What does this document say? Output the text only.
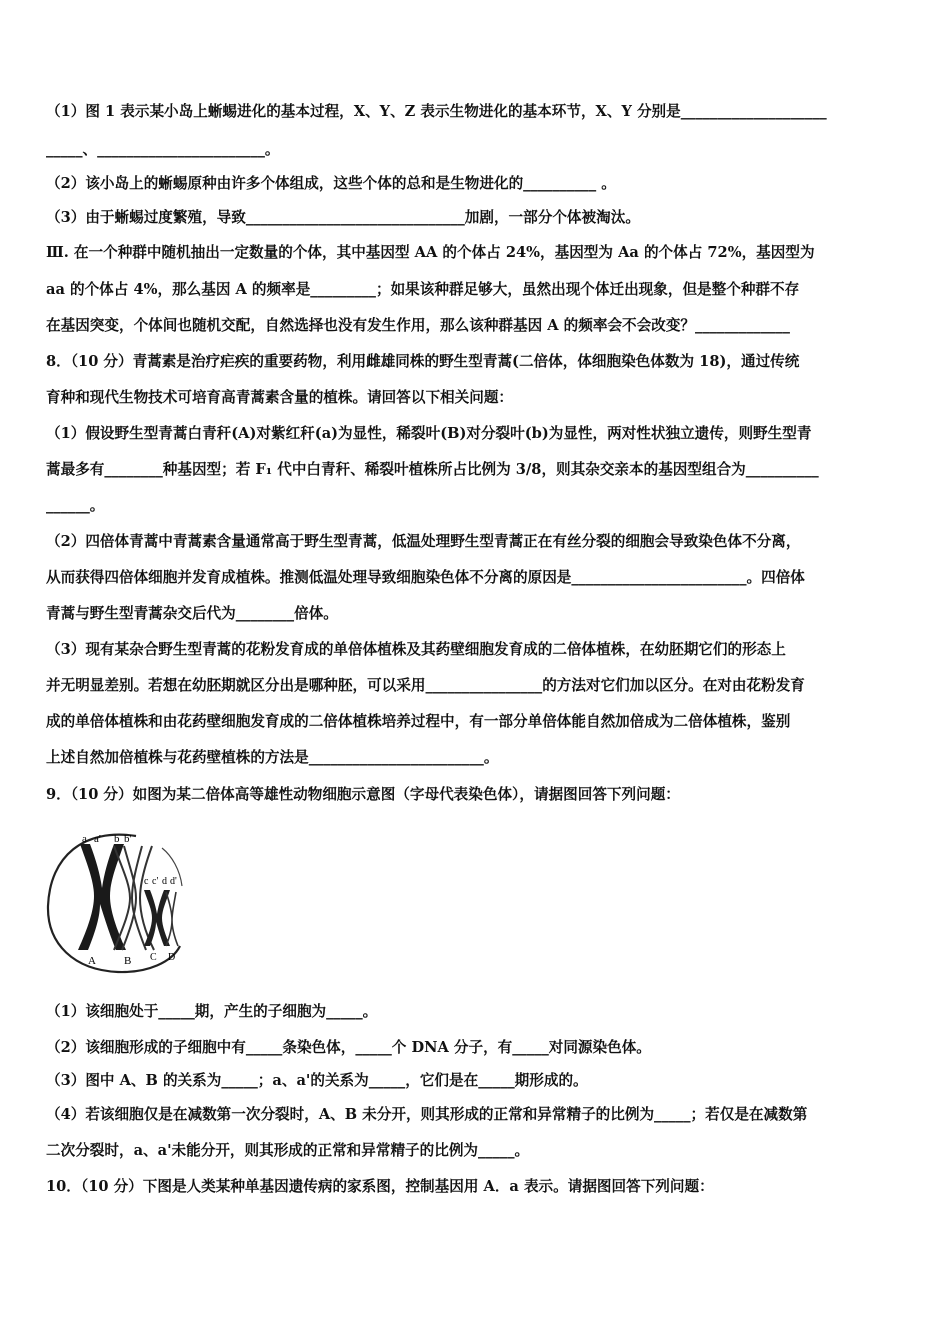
（1）图 1 表示某小岛上蜥蜴进化的基本过程，X、Y、Z 表示生物进化的基本环节，X、Y 分别是____________________
_____、_______________________。
（2）该小岛上的蜥蜴原种由许多个体组成，这些个体的总和是生物进化的__________ 。
（3）由于蜥蜴过度繁殖，导致______________________________加剧，一部分个体被淘汰。
Ⅲ. 在一个种群中随机抽出一定数量的个体，其中基因型 AA 的个体占 24%，基因型为 Aa 的个体占 72%，基因型为
aa 的个体占 4%，那么基因 A 的频率是_________；如果该种群足够大，虽然出现个体迁出现象，但是整个种群不存
在基因突变，个体间也随机交配，自然选择也没有发生作用，那么该种群基因 A 的频率会不会改变？_____________
8．（10 分）青蒿素是治疗疟疾的重要药物，利用雌雄同株的野生型青蒿(二倍体，体细胞染色体数为 18)，通过传统
育种和现代生物技术可培育高青蒿素含量的植株。请回答以下相关问题：
（1）假设野生型青蒿白青秆(A)对紫红秆(a)为显性，稀裂叶(B)对分裂叶(b)为显性，两对性状独立遗传，则野生型青
蒿最多有________种基因型；若 F₁ 代中白青秆、稀裂叶植株所占比例为 3/8，则其杂交亲本的基因型组合为__________
______。
（2）四倍体青蒿中青蒿素含量通常高于野生型青蒿，低温处理野生型青蒿正在有丝分裂的细胞会导致染色体不分离，
从而获得四倍体细胞并发育成植株。推测低温处理导致细胞染色体不分离的原因是________________________。四倍体
青蒿与野生型青蒿杂交后代为________倍体。
（3）现有某杂合野生型青蒿的花粉发育成的单倍体植株及其药壁细胞发育成的二倍体植株，在幼胚期它们的形态上
并无明显差别。若想在幼胚期就区分出是哪种胚，可以采用________________的方法对它们加以区分。在对由花粉发育
成的单倍体植株和由花药壁细胞发育成的二倍体植株培养过程中，有一部分单倍体能自然加倍成为二倍体植株，鉴别
上述自然加倍植株与花药壁植株的方法是________________________。
9．（10 分）如图为某二倍体高等雄性动物细胞示意图（字母代表染色体），请据图回答下列问题：
a a' b b'
c c' d d'
A	B C D
（1）该细胞处于_____期，产生的子细胞为_____。
（2）该细胞形成的子细胞中有_____条染色体，_____个 DNA 分子，有_____对同源染色体。
（3）图中 A、B 的关系为_____；a、a'的关系为_____，它们是在_____期形成的。
（4）若该细胞仅是在减数第一次分裂时，A、B 未分开，则其形成的正常和异常精子的比例为_____；若仅是在减数第
二次分裂时，a、a'未能分开，则其形成的正常和异常精子的比例为_____。
10．（10 分）下图是人类某种单基因遗传病的家系图，控制基因用 A．a 表示。请据图回答下列问题：
